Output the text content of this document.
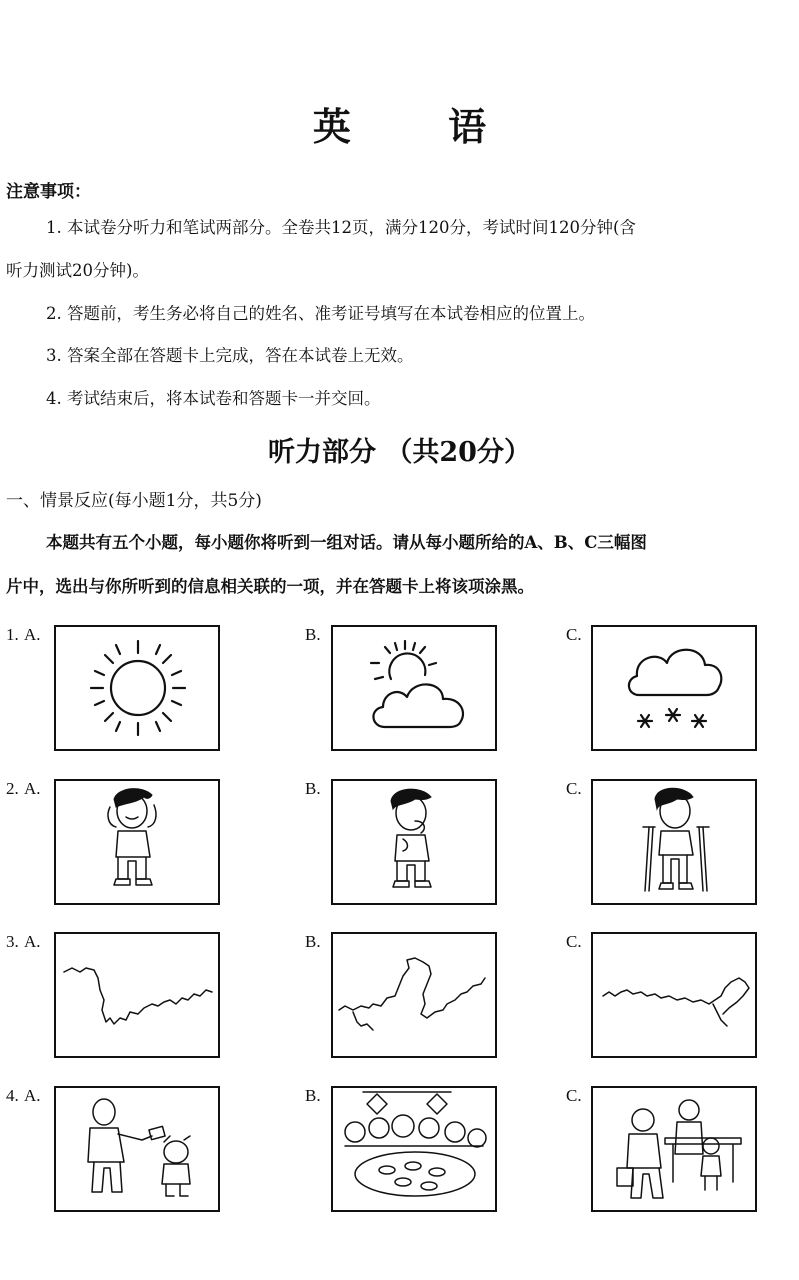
英 语
注意事项：
1. 本试卷分听力和笔试两部分。全卷共12页，满分120分，考试时间120分钟(含
听力测试20分钟)。
2. 答题前，考生务必将自己的姓名、准考证号填写在本试卷相应的位置上。
3. 答案全部在答题卡上完成，答在本试卷上无效。
4. 考试结束后，将本试卷和答题卡一并交回。
听力部分 （共20分）
一、情景反应(每小题1分，共5分)
本题共有五个小题，每小题你将听到一组对话。请从每小题所给的A、B、C三幅图
片中，选出与你所听到的信息相关联的一项，并在答题卡上将该项涂黑。
1. A.	B.	C.
2. A.	B.	C.
3. A.	B.	C.
4. A.	B.	C.
